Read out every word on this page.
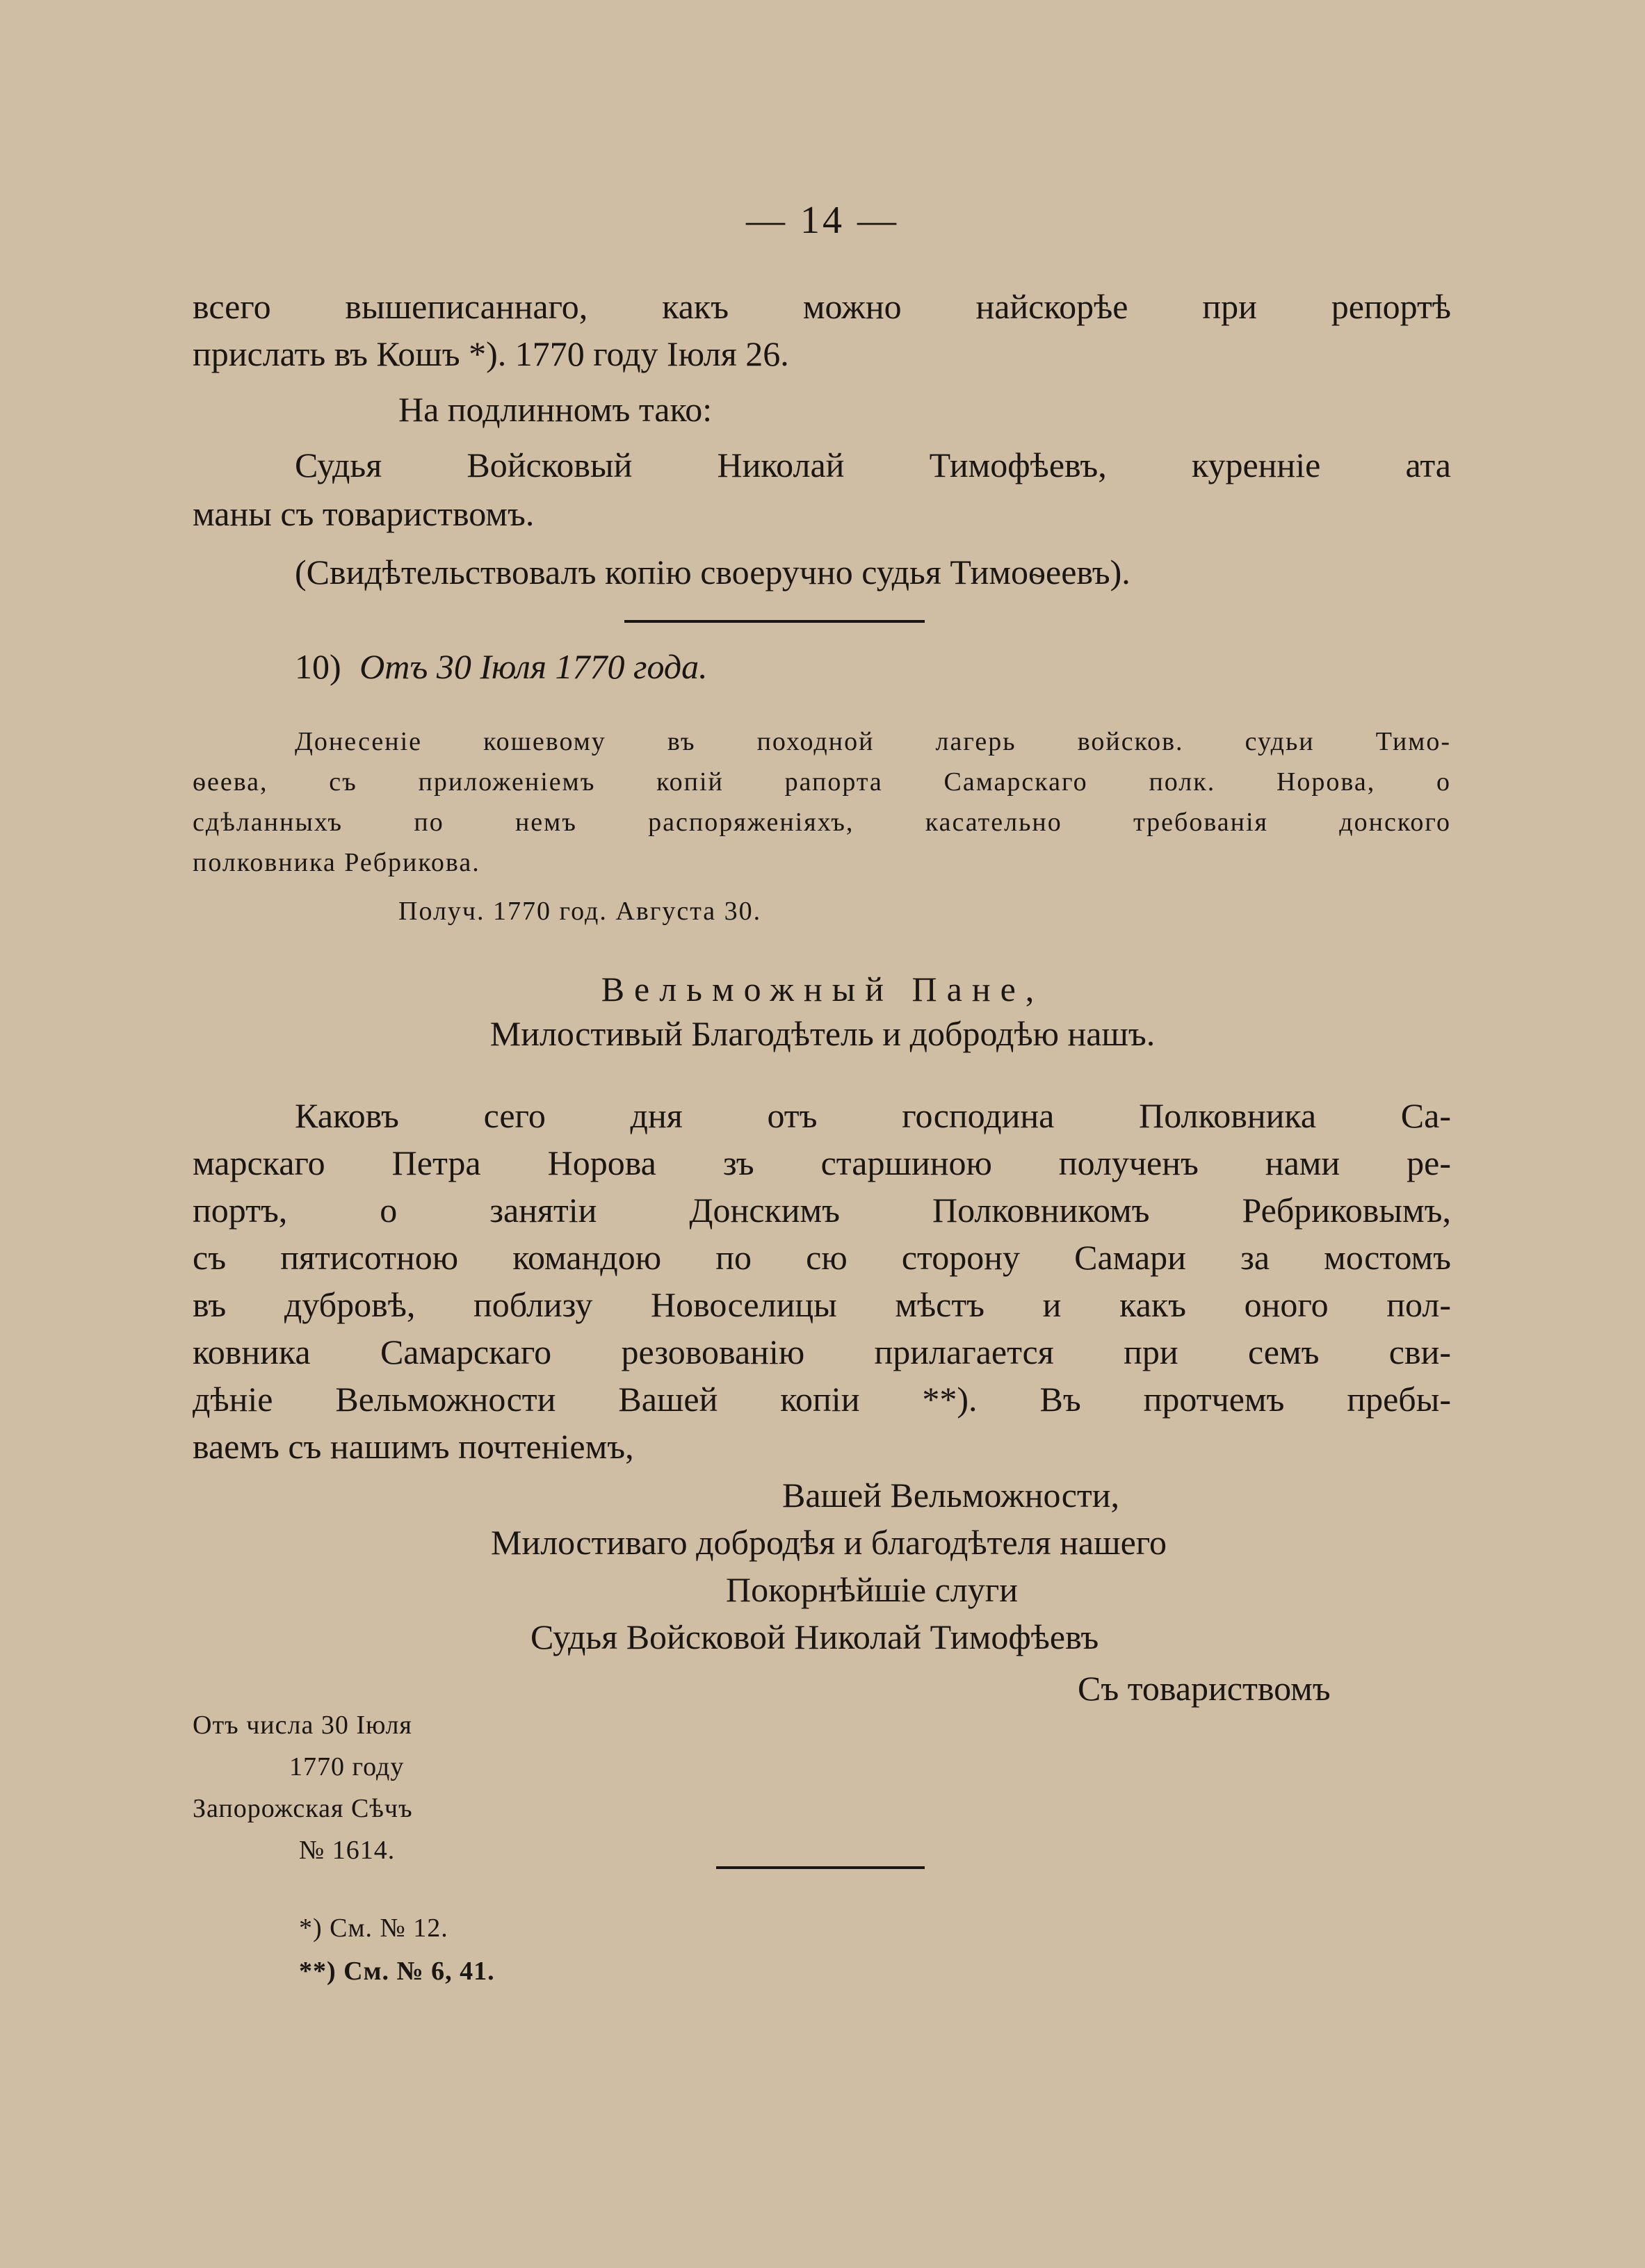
— 14 —
всего вышеписаннаго, какъ можно найскорѣе при репортѣ
прислать въ Кошъ *). 1770 году Іюля 26.
На подлинномъ тако:
Судья Войсковый Николай Тимофѣевъ, куренніе ата
маны съ товариствомъ.
(Свидѣтельствовалъ копію своеручно судья Тимоѳеевъ).
10) Отъ 30 Іюля 1770 года.
Донесеніе кошевому въ походной лагерь войсков. судьи Тимо-
ѳеева, съ приложеніемъ копій рапорта Самарскаго полк. Норова, о
сдѣланныхъ по немъ распоряженіяхъ, касательно требованія донского
полковника Ребрикова.
Получ. 1770 год. Августа 30.
Вельможный Пане,
Милостивый Благодѣтель и добродѣю нашъ.
Каковъ сего дня отъ господина Полковника Са-
марскаго Петра Норова зъ старшиною полученъ нами ре-
портъ, о занятіи Донскимъ Полковникомъ Ребриковымъ,
съ пятисотною командою по сю сторону Самари за мостомъ
въ дубровѣ, поблизу Новоселицы мѣстъ и какъ оного пол-
ковника Самарскаго резовованію прилагается при семъ сви-
дѣніе Вельможности Вашей копіи **). Въ протчемъ пребы-
ваемъ съ нашимъ почтеніемъ,
Вашей Вельможности,
Милостиваго добродѣя и благодѣтеля нашего
Покорнѣйшіе слуги
Судья Войсковой Николай Тимофѣевъ
Съ товариствомъ
Отъ числа 30 Іюля
1770 году
Запорожская Сѣчъ
№ 1614.
*) См. № 12.
**) См. № 6, 41.
